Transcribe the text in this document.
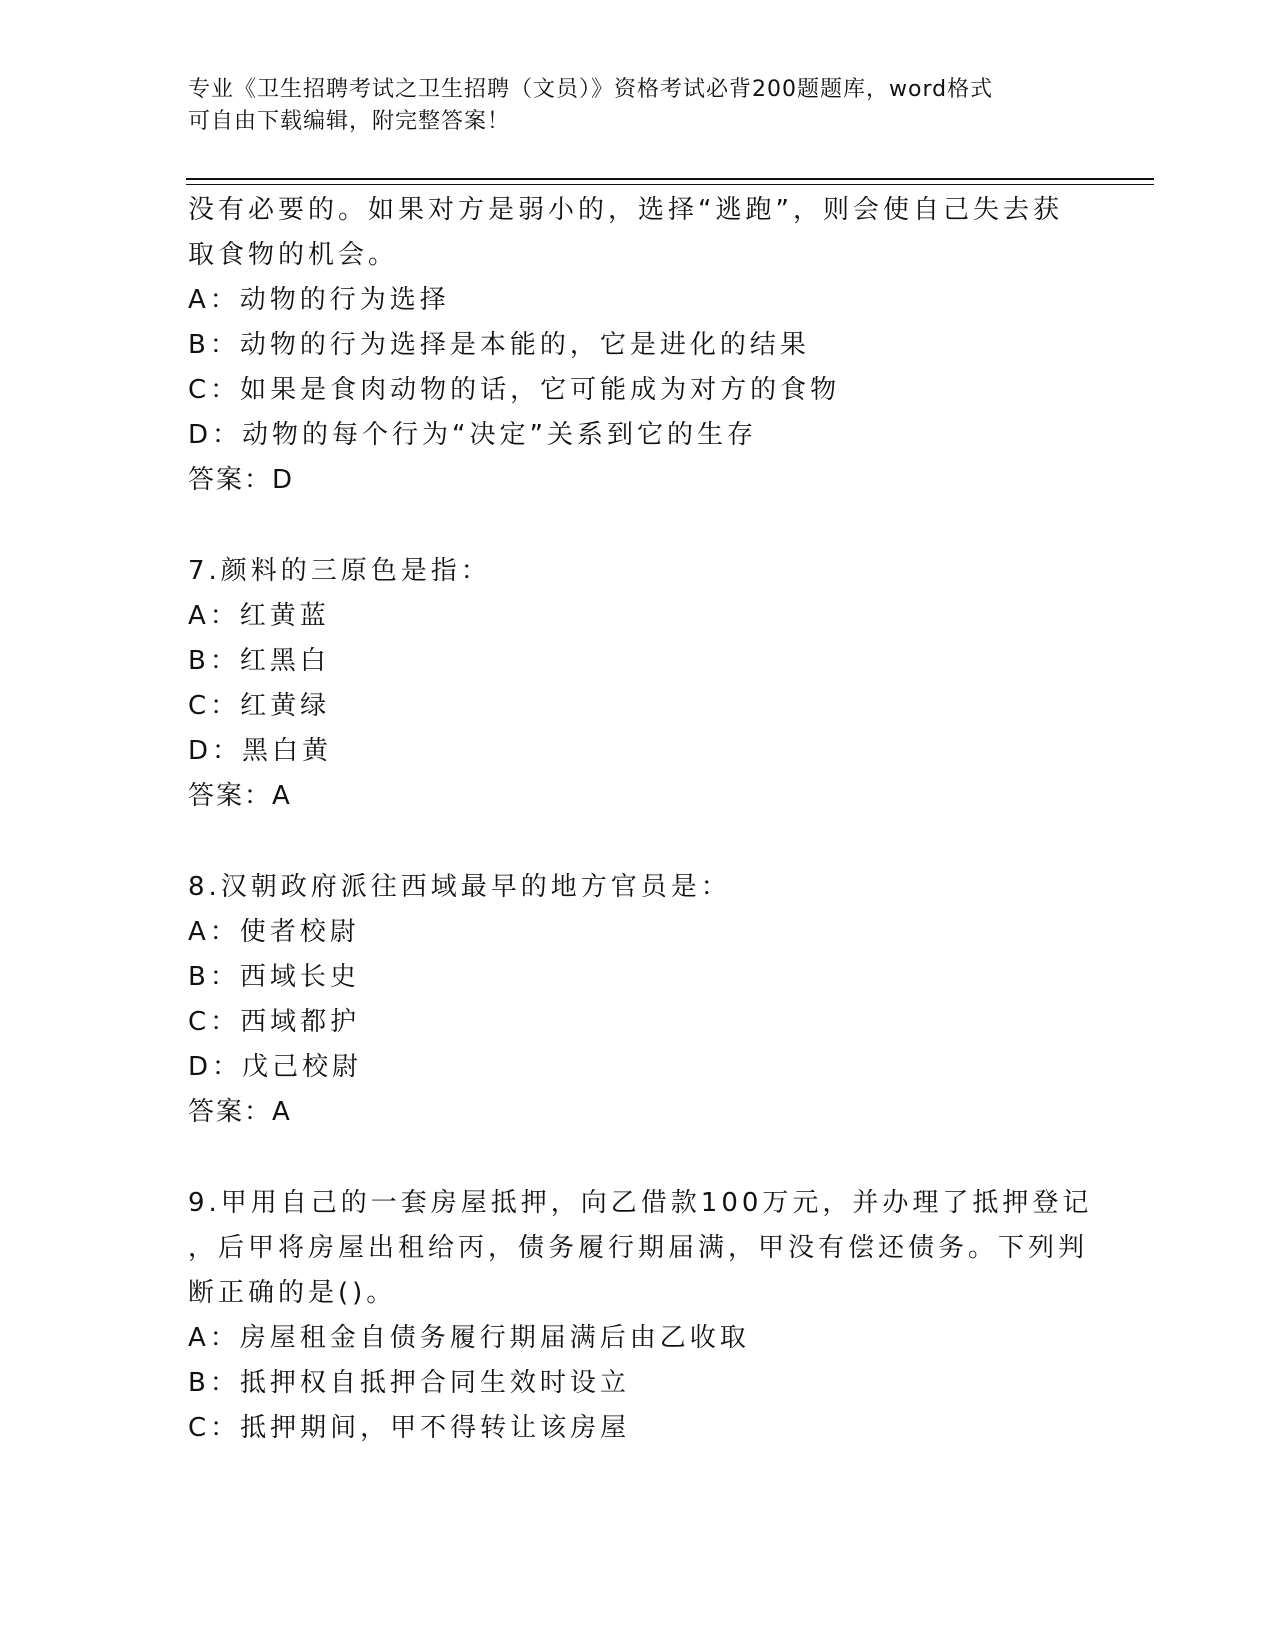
专业《卫生招聘考试之卫生招聘（文员）》资格考试必背200题题库，word格式
可自由下载编辑，附完整答案！
没有必要的。如果对方是弱小的，选择“逃跑”，则会使自己失去获
取食物的机会。
A：动物的行为选择
B：动物的行为选择是本能的，它是进化的结果
C：如果是食肉动物的话，它可能成为对方的食物
D：动物的每个行为“决定”关系到它的生存
答案：D
7.颜料的三原色是指：
A：红黄蓝
B：红黑白
C：红黄绿
D：黑白黄
答案：A
8.汉朝政府派往西域最早的地方官员是：
A：使者校尉
B：西域长史
C：西域都护
D：戊己校尉
答案：A
9.甲用自己的一套房屋抵押，向乙借款100万元，并办理了抵押登记
，后甲将房屋出租给丙，债务履行期届满，甲没有偿还债务。下列判
断正确的是()。
A：房屋租金自债务履行期届满后由乙收取
B：抵押权自抵押合同生效时设立
C：抵押期间，甲不得转让该房屋
